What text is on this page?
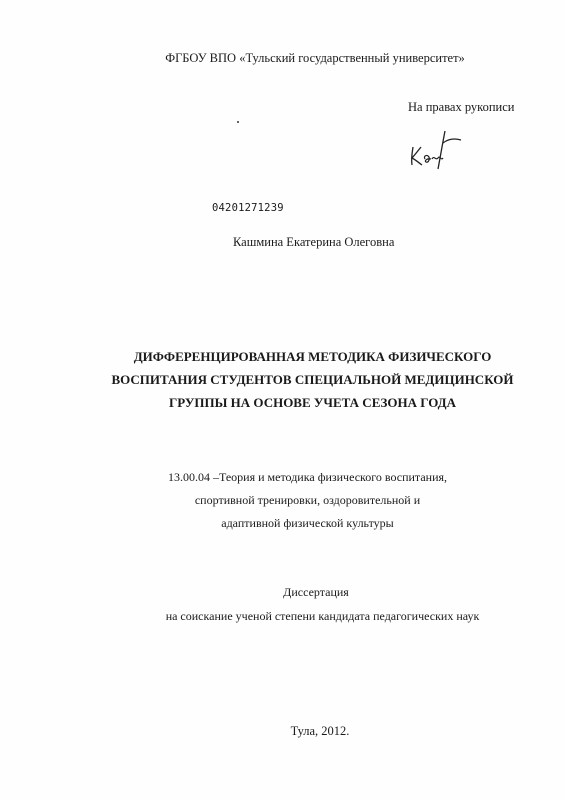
ФГБОУ ВПО «Тульский государственный университет»
На правах рукописи
04201271239
Кашмина Екатерина Олеговна
ДИФФЕРЕНЦИРОВАННАЯ МЕТОДИКА ФИЗИЧЕСКОГО
ВОСПИТАНИЯ СТУДЕНТОВ СПЕЦИАЛЬНОЙ МЕДИЦИНСКОЙ
ГРУППЫ НА ОСНОВЕ УЧЕТА СЕЗОНА ГОДА
13.00.04 –Теория и методика физического воспитания,
спортивной тренировки, оздоровительной и
адаптивной физической культуры
Диссертация
на соискание ученой степени кандидата педагогических наук
Тула, 2012.
